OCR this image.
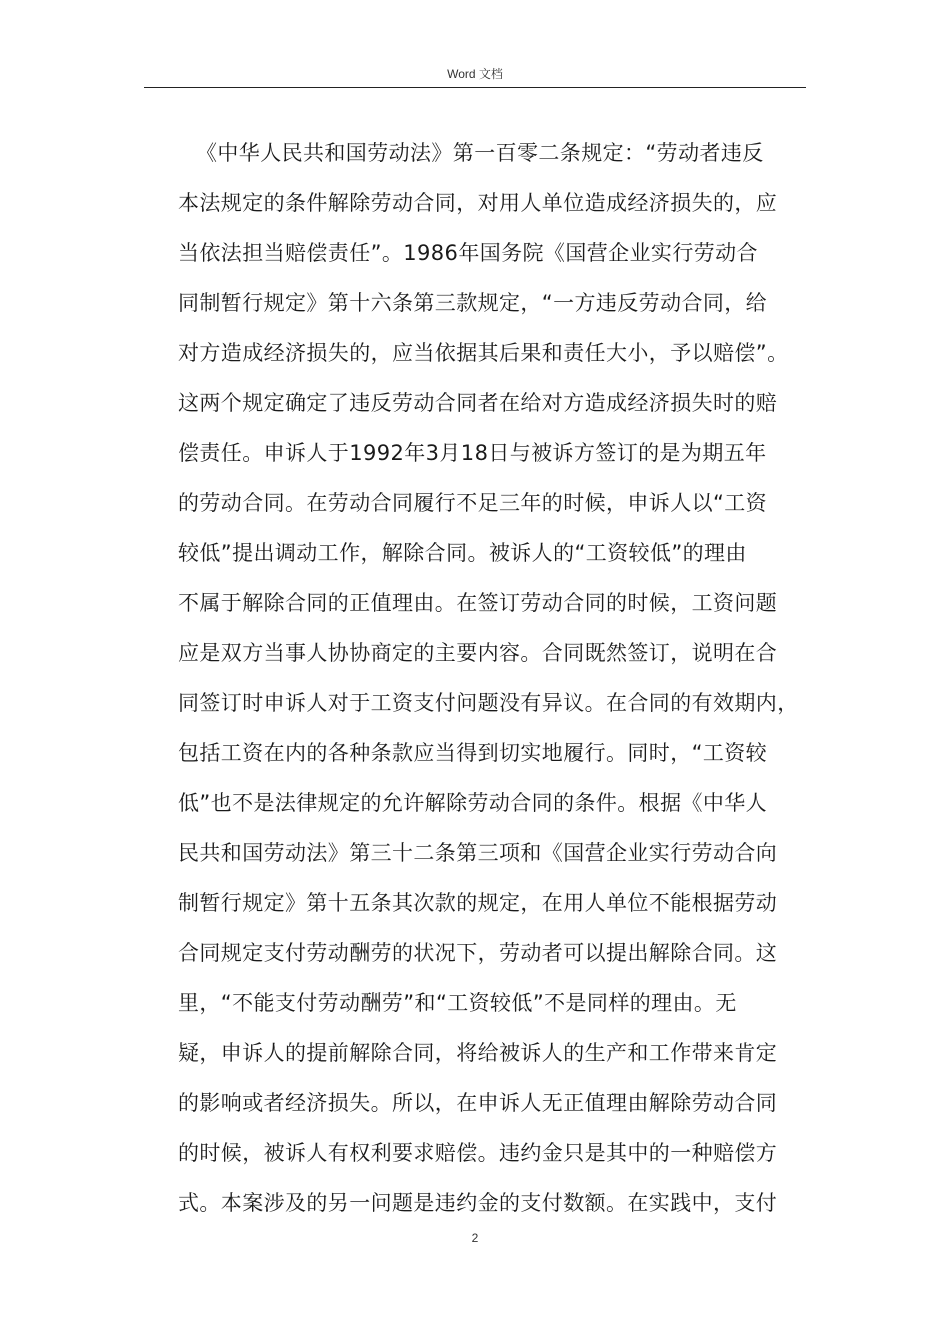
Word 文档
《中华人民共和国劳动法》第一百零二条规定：“劳动者违反
本法规定的条件解除劳动合同，对用人单位造成经济损失的，应
当依法担当赔偿责任”。1986年国务院《国营企业实行劳动合
同制暂行规定》第十六条第三款规定，“一方违反劳动合同，给
对方造成经济损失的，应当依据其后果和责任大小，予以赔偿”。
这两个规定确定了违反劳动合同者在给对方造成经济损失时的赔
偿责任。申诉人于1992年3月18日与被诉方签订的是为期五年
的劳动合同。在劳动合同履行不足三年的时候，申诉人以“工资
较低”提出调动工作，解除合同。被诉人的“工资较低”的理由
不属于解除合同的正值理由。在签订劳动合同的时候，工资问题
应是双方当事人协协商定的主要内容。合同既然签订，说明在合
同签订时申诉人对于工资支付问题没有异议。在合同的有效期内，
包括工资在内的各种条款应当得到切实地履行。同时，“工资较
低”也不是法律规定的允许解除劳动合同的条件。根据《中华人
民共和国劳动法》第三十二条第三项和《国营企业实行劳动合向
制暂行规定》第十五条其次款的规定，在用人单位不能根据劳动
合同规定支付劳动酬劳的状况下，劳动者可以提出解除合同。这
里，“不能支付劳动酬劳”和“工资较低”不是同样的理由。无
疑，申诉人的提前解除合同，将给被诉人的生产和工作带来肯定
的影响或者经济损失。所以，在申诉人无正值理由解除劳动合同
的时候，被诉人有权利要求赔偿。违约金只是其中的一种赔偿方
式。本案涉及的另一问题是违约金的支付数额。在实践中，支付
2
